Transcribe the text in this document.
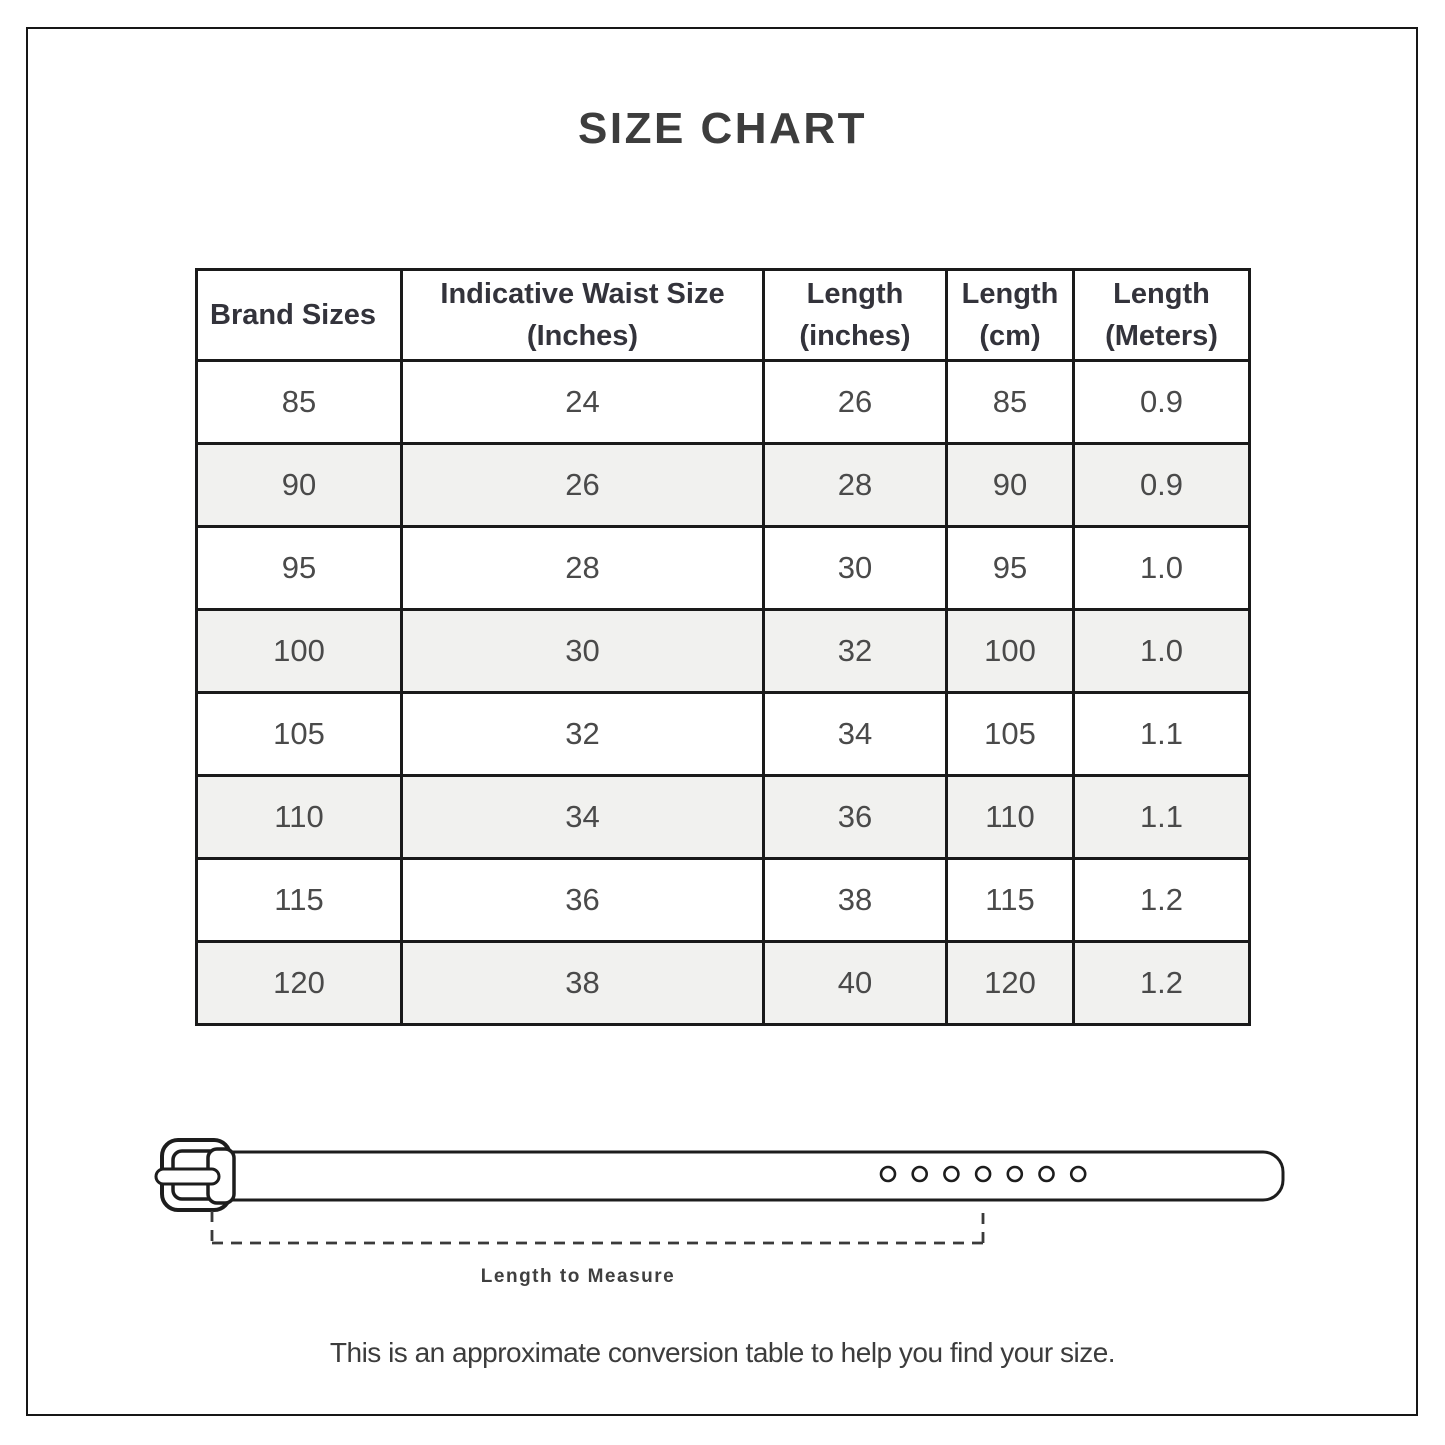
SIZE CHART
Brand Sizes	Indicative Waist Size (Inches)	Length (inches)	Length (cm)	Length (Meters)
85	24	26	85	0.9
90	26	28	90	0.9
95	28	30	95	1.0
100	30	32	100	1.0
105	32	34	105	1.1
110	34	36	110	1.1
115	36	38	115	1.2
120	38	40	120	1.2
Length to Measure

This is an approximate conversion table to help you find your size.
